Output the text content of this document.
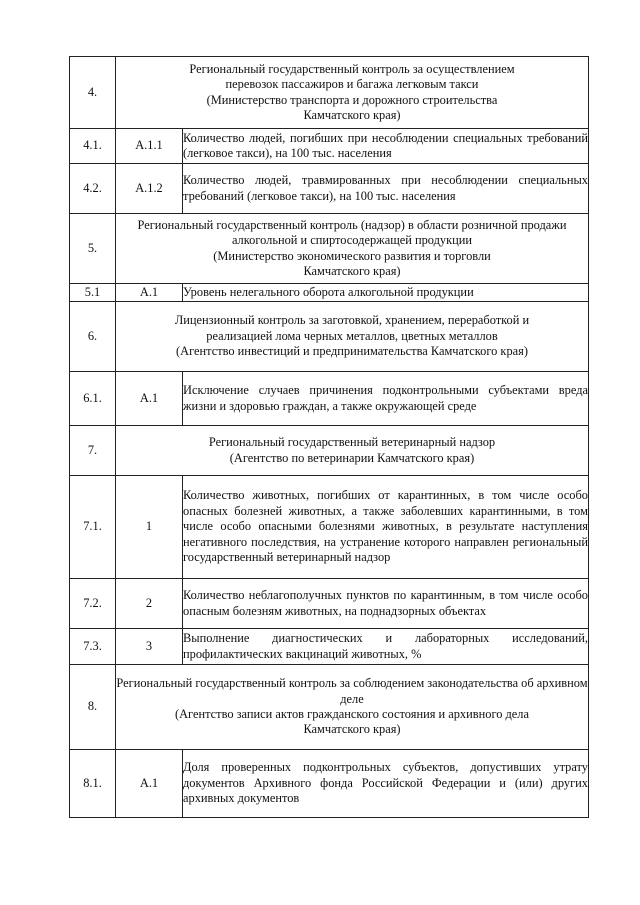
4.	Региональный государственный контроль за осуществлением
перевозок пассажиров и багажа легковым такси
(Министерство транспорта и дорожного строительства
Камчатского края)	

4.1.	А.1.1	Количество людей, погибших при несоблюдении специальных требований (легковое такси), на 100 тыс. населения
4.2.	А.1.2	Количество людей, травмированных при несоблюдении специальных требований (легковое такси), на 100 тыс. населения
5.	Региональный государственный контроль (надзор) в области розничной продажи алкогольной и спиртосодержащей продукции
(Министерство экономического развития и торговли
Камчатского края)	

5.1	А.1	Уровень нелегального оборота алкогольной продукции
6.	Лицензионный контроль за заготовкой, хранением, переработкой и
реализацией лома черных металлов, цветных металлов
(Агентство инвестиций и предпринимательства Камчатского края)	

6.1.	А.1	Исключение случаев причинения подконтрольными субъектами вреда жизни и здоровью граждан, а также окружающей среде
7.	Региональный государственный ветеринарный надзор
(Агентство по ветеринарии Камчатского края)	

7.1.	1	Количество животных, погибших от карантинных, в том числе особо опасных болезней животных, а также заболевших карантинными, в том числе особо опасными болезнями животных, в результате наступления негативного последствия, на устранение которого направлен региональный государственный ветеринарный надзор
7.2.	2	Количество неблагополучных пунктов по карантинным, в том числе особо опасным болезням животных, на поднадзорных объектах
7.3.	3	Выполнение диагностических и лабораторных исследований, профилактических вакцинаций животных, %
8.	Региональный государственный контроль за соблюдением законодательства об архивном деле
(Агентство записи актов гражданского состояния и архивного дела
Камчатского края)	

8.1.	А.1	Доля проверенных подконтрольных субъектов, допустивших утрату документов Архивного фонда Российской Федерации и (или) других архивных документов
